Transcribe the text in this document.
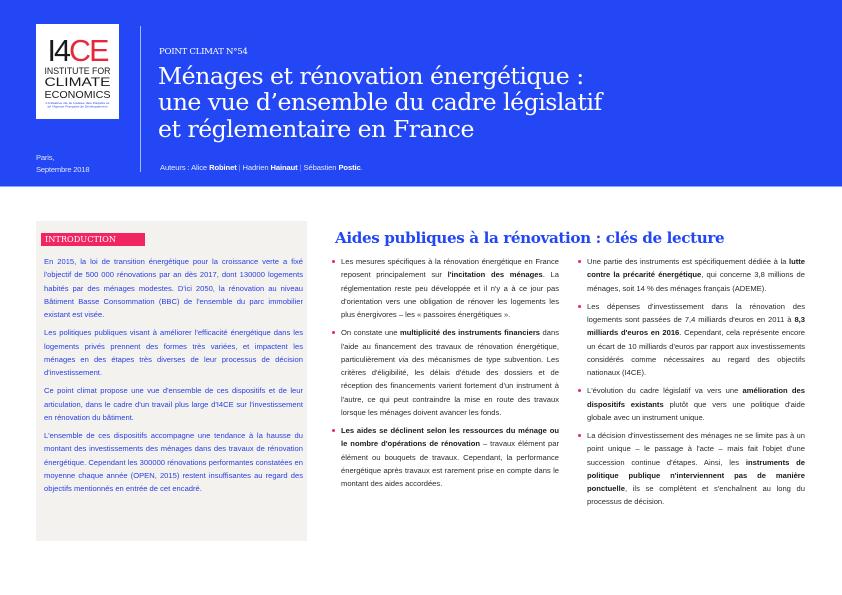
I4CE
INSTITUTE FOR
CLIMATE
ECONOMICS
L'initiative de la Caisse des Dépôts et
de l'Agence Française de Développement
Paris,
Septembre 2018
POINT CLIMAT N°54
Ménages et rénovation énergétique :
une vue d’ensemble du cadre législatif
et réglementaire en France
Auteurs : Alice Robinet | Hadrien Hainaut | Sébastien Postic.
INTRODUCTION

En 2015, la loi de transition énergétique pour la croissance verte a fixé l'objectif de 500 000 rénovations par an dès 2017, dont 130000 logements habités par des ménages modestes. D'ici 2050, la rénovation au niveau Bâtiment Basse Consommation (BBC) de l'ensemble du parc immobilier existant est visée.

Les politiques publiques visant à améliorer l'efficacité énergétique dans les logements privés prennent des formes très variées, et impactent les ménages en des étapes très diverses de leur processus de décision d'investissement.

Ce point climat propose une vue d'ensemble de ces dispositifs et de leur articulation, dans le cadre d'un travail plus large d'I4CE sur l'investissement en rénovation du bâtiment.

L'ensemble de ces dispositifs accompagne une tendance à la hausse du montant des investissements des ménages dans des travaux de rénovation énergétique. Cependant les 300000 rénovations performantes constatées en moyenne chaque année (OPEN, 2015) restent insuffisantes au regard des objectifs mentionnés en entrée de cet encadré.

Aides publiques à la rénovation : clés de lecture
Les mesures spécifiques à la rénovation énergétique en France reposent principalement sur l'incitation des ménages. La réglementation reste peu développée et il n'y a à ce jour pas d'orientation vers une obligation de rénover les logements les plus énergivores – les « passoires énergétiques ».
On constate une multiplicité des instruments financiers dans l'aide au financement des travaux de rénovation énergétique, particulièrement via des mécanismes de type subvention. Les critères d'éligibilité, les délais d'étude des dossiers et de réception des financements varient fortement d'un instrument à l'autre, ce qui peut contraindre la mise en route des travaux lorsque les ménages doivent avancer les fonds.
Les aides se déclinent selon les ressources du ménage ou le nombre d'opérations de rénovation – travaux élément par élément ou bouquets de travaux. Cependant, la performance énergétique après travaux est rarement prise en compte dans le montant des aides accordées.
Une partie des instruments est spécifiquement dédiée à la lutte contre la précarité énergétique, qui concerne 3,8 millions de ménages, soit 14 % des ménages français (ADEME).
Les dépenses d'investissement dans la rénovation des logements sont passées de 7,4 milliards d'euros en 2011 à 8,3 milliards d'euros en 2016. Cependant, cela représente encore un écart de 10 milliards d'euros par rapport aux investissements considérés comme nécessaires au regard des objectifs nationaux (I4CE).
L'évolution du cadre législatif va vers une amélioration des dispositifs existants plutôt que vers une politique d'aide globale avec un instrument unique.
La décision d'investissement des ménages ne se limite pas à un point unique – le passage à l'acte – mais fait l'objet d'une succession continue d'étapes. Ainsi, les instruments de politique publique n'interviennent pas de manière ponctuelle, ils se complètent et s'enchaînent au long du processus de décision.
